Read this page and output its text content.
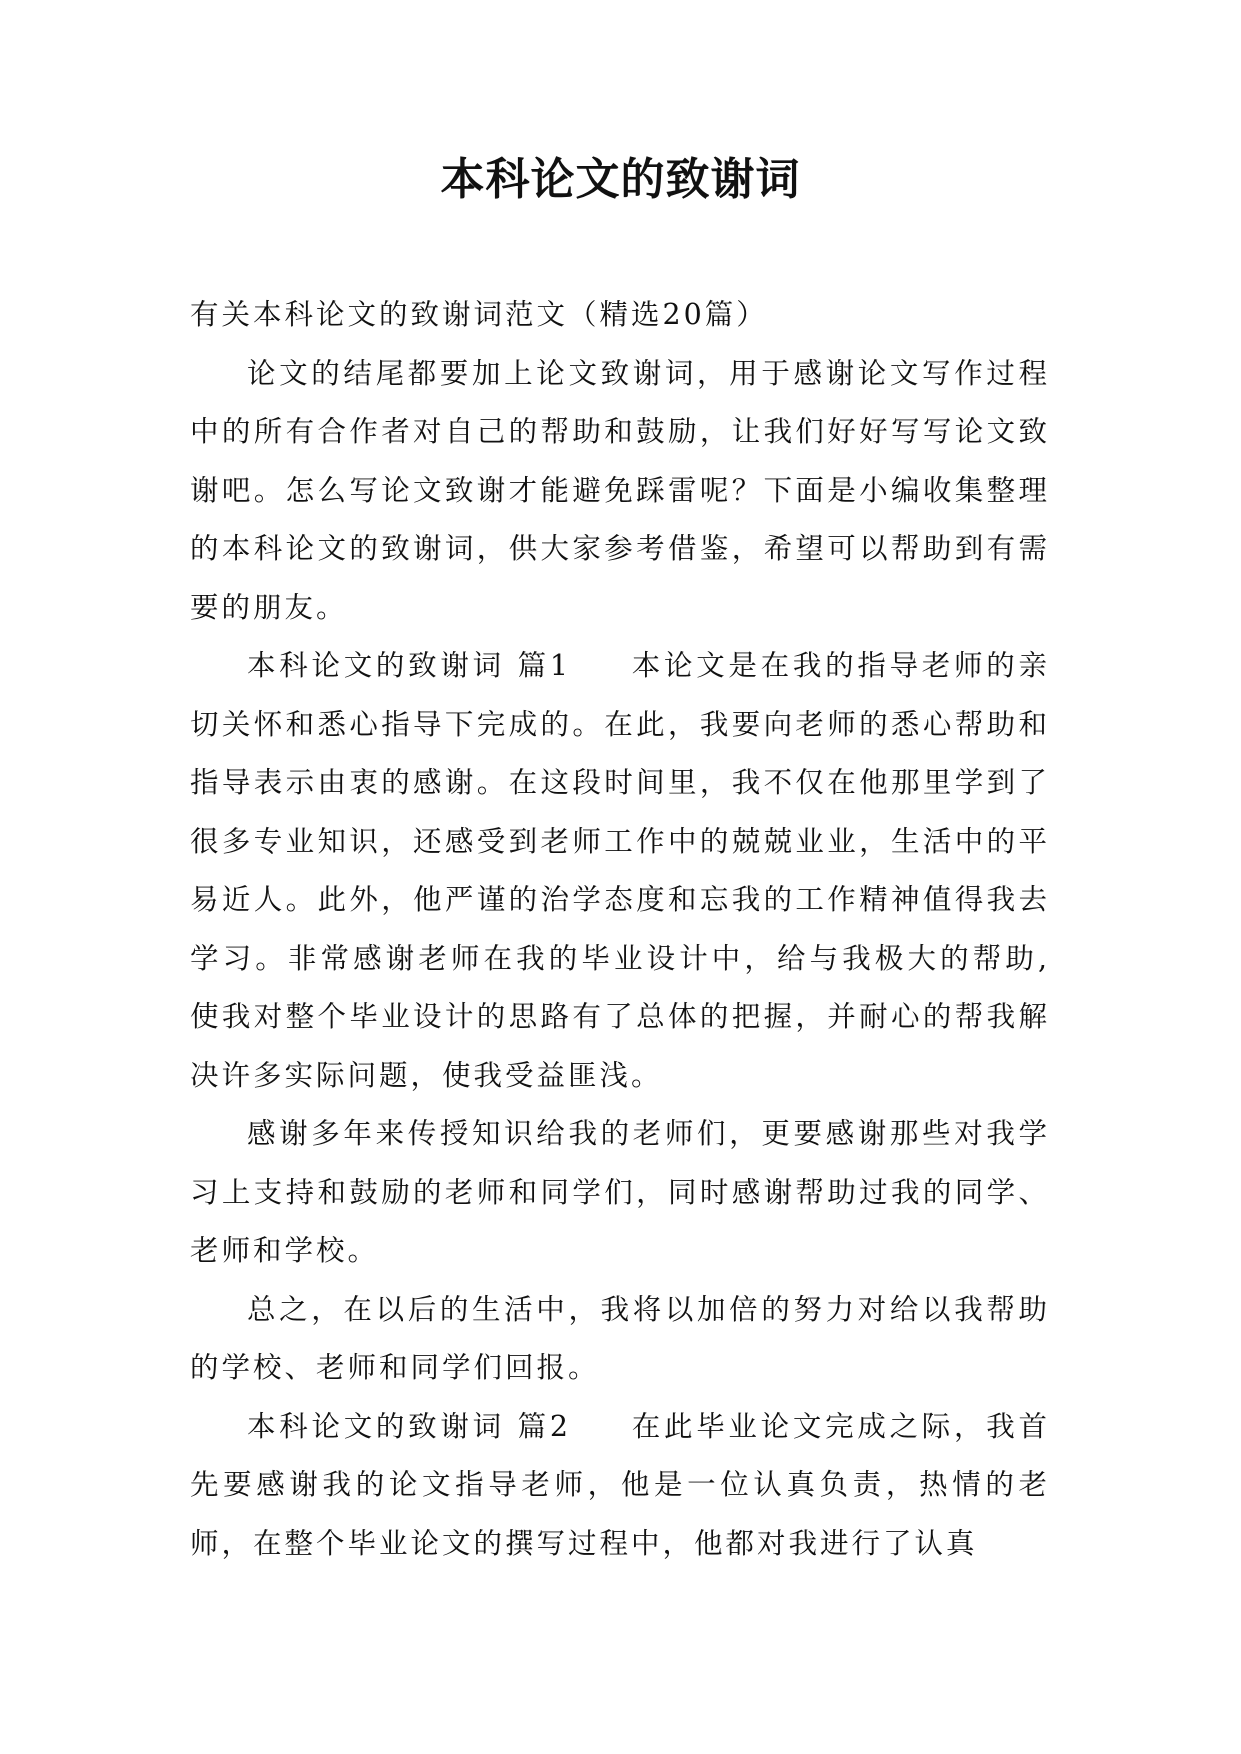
本科论文的致谢词

有关本科论文的致谢词范文（精选20篇）

论文的结尾都要加上论文致谢词，用于感谢论文写作过程中的所有合作者对自己的帮助和鼓励，让我们好好写写论文致谢吧。怎么写论文致谢才能避免踩雷呢？下面是小编收集整理的本科论文的致谢词，供大家参考借鉴，希望可以帮助到有需要的朋友。

本科论文的致谢词 篇1 本论文是在我的指导老师的亲切关怀和悉心指导下完成的。在此，我要向老师的悉心帮助和指导表示由衷的感谢。在这段时间里，我不仅在他那里学到了很多专业知识，还感受到老师工作中的兢兢业业，生活中的平易近人。此外，他严谨的治学态度和忘我的工作精神值得我去学习。非常感谢老师在我的毕业设计中，给与我极大的帮助,使我对整个毕业设计的思路有了总体的把握，并耐心的帮我解决许多实际问题，使我受益匪浅。

感谢多年来传授知识给我的老师们，更要感谢那些对我学习上支持和鼓励的老师和同学们，同时感谢帮助过我的同学、老师和学校。

总之，在以后的生活中，我将以加倍的努力对给以我帮助的学校、老师和同学们回报。

本科论文的致谢词 篇2 在此毕业论文完成之际，我首先要感谢我的论文指导老师，他是一位认真负责，热情的老师，在整个毕业论文的撰写过程中，他都对我进行了认真
